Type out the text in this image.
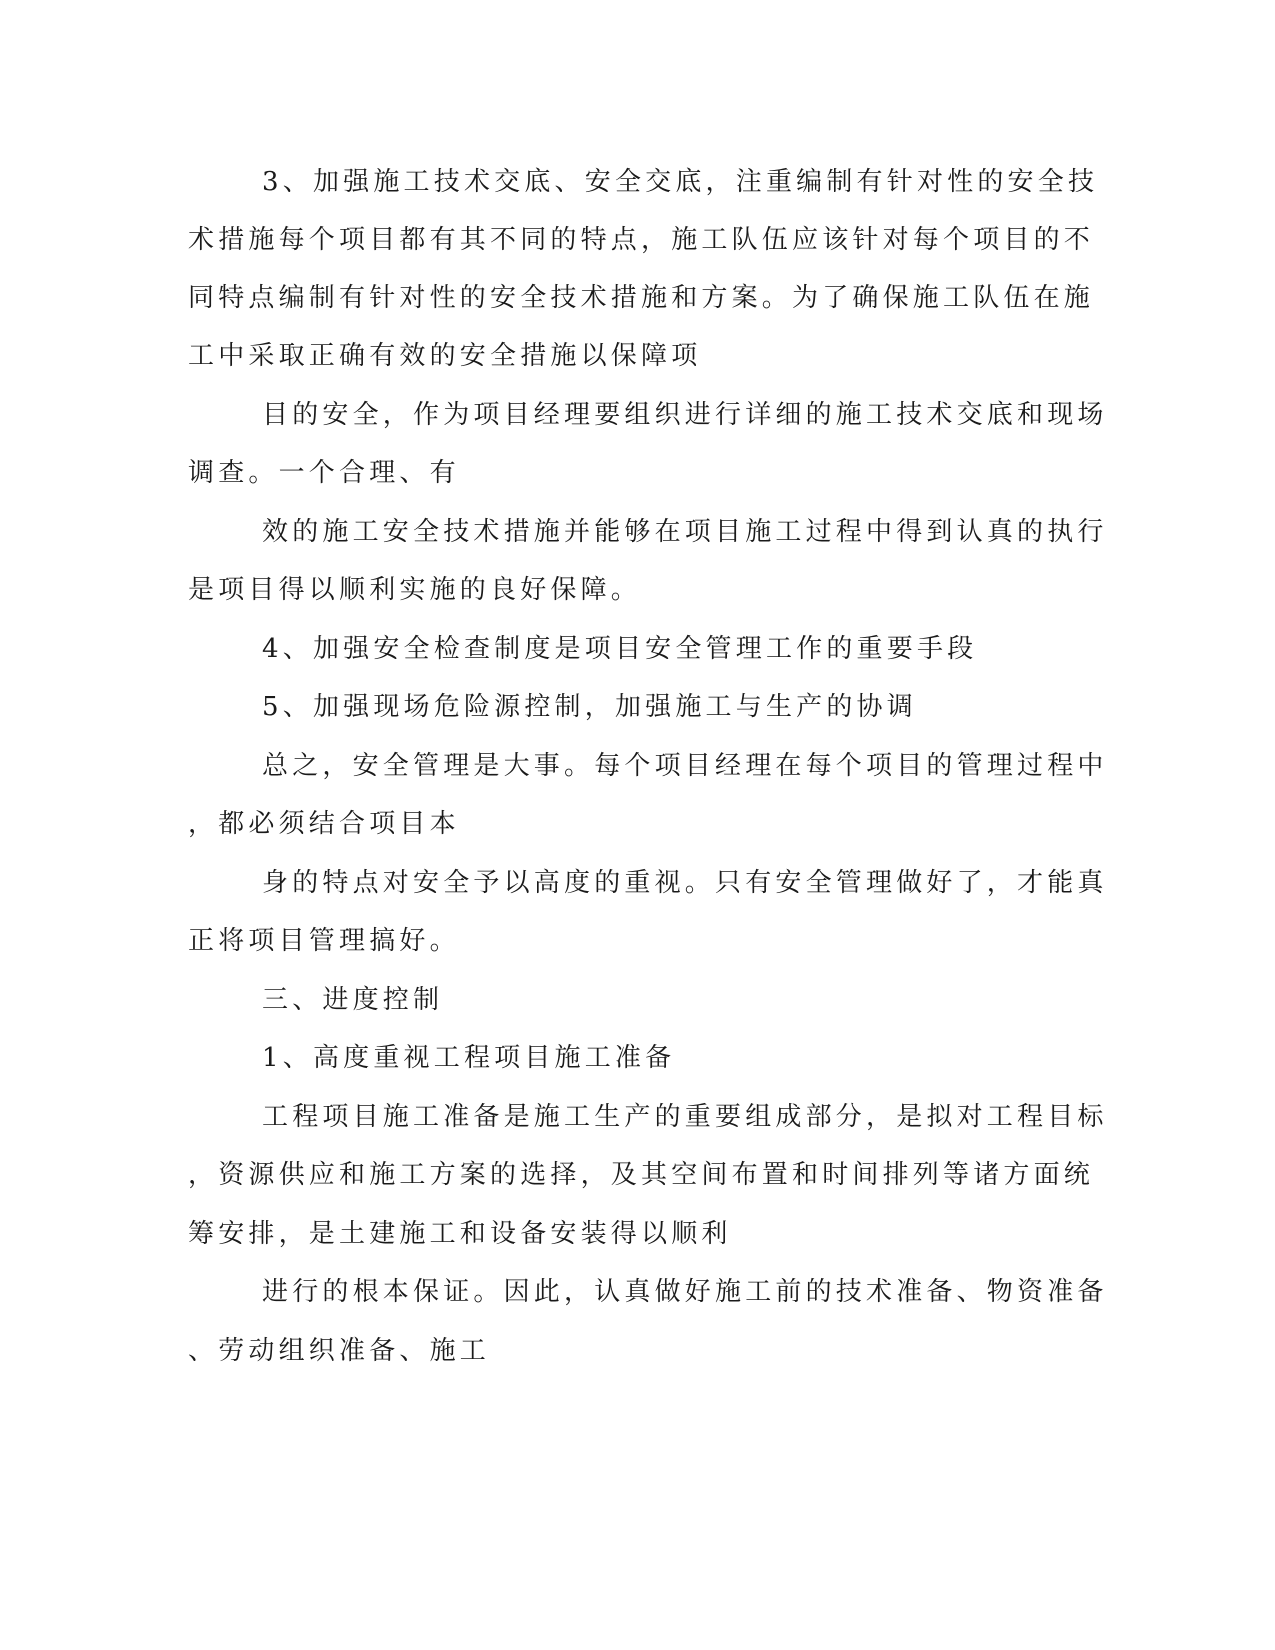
3、加强施工技术交底、安全交底，注重编制有针对性的安全技

术措施每个项目都有其不同的特点，施工队伍应该针对每个项目的不

同特点编制有针对性的安全技术措施和方案。为了确保施工队伍在施

工中采取正确有效的安全措施以保障项

目的安全，作为项目经理要组织进行详细的施工技术交底和现场

调查。一个合理、有

效的施工安全技术措施并能够在项目施工过程中得到认真的执行

是项目得以顺利实施的良好保障。

4、加强安全检查制度是项目安全管理工作的重要手段

5、加强现场危险源控制，加强施工与生产的协调

总之，安全管理是大事。每个项目经理在每个项目的管理过程中

，都必须结合项目本

身的特点对安全予以高度的重视。只有安全管理做好了，才能真

正将项目管理搞好。

三、进度控制

1、高度重视工程项目施工准备

工程项目施工准备是施工生产的重要组成部分，是拟对工程目标

，资源供应和施工方案的选择，及其空间布置和时间排列等诸方面统

筹安排，是土建施工和设备安装得以顺利

进行的根本保证。因此，认真做好施工前的技术准备、物资准备

、劳动组织准备、施工
